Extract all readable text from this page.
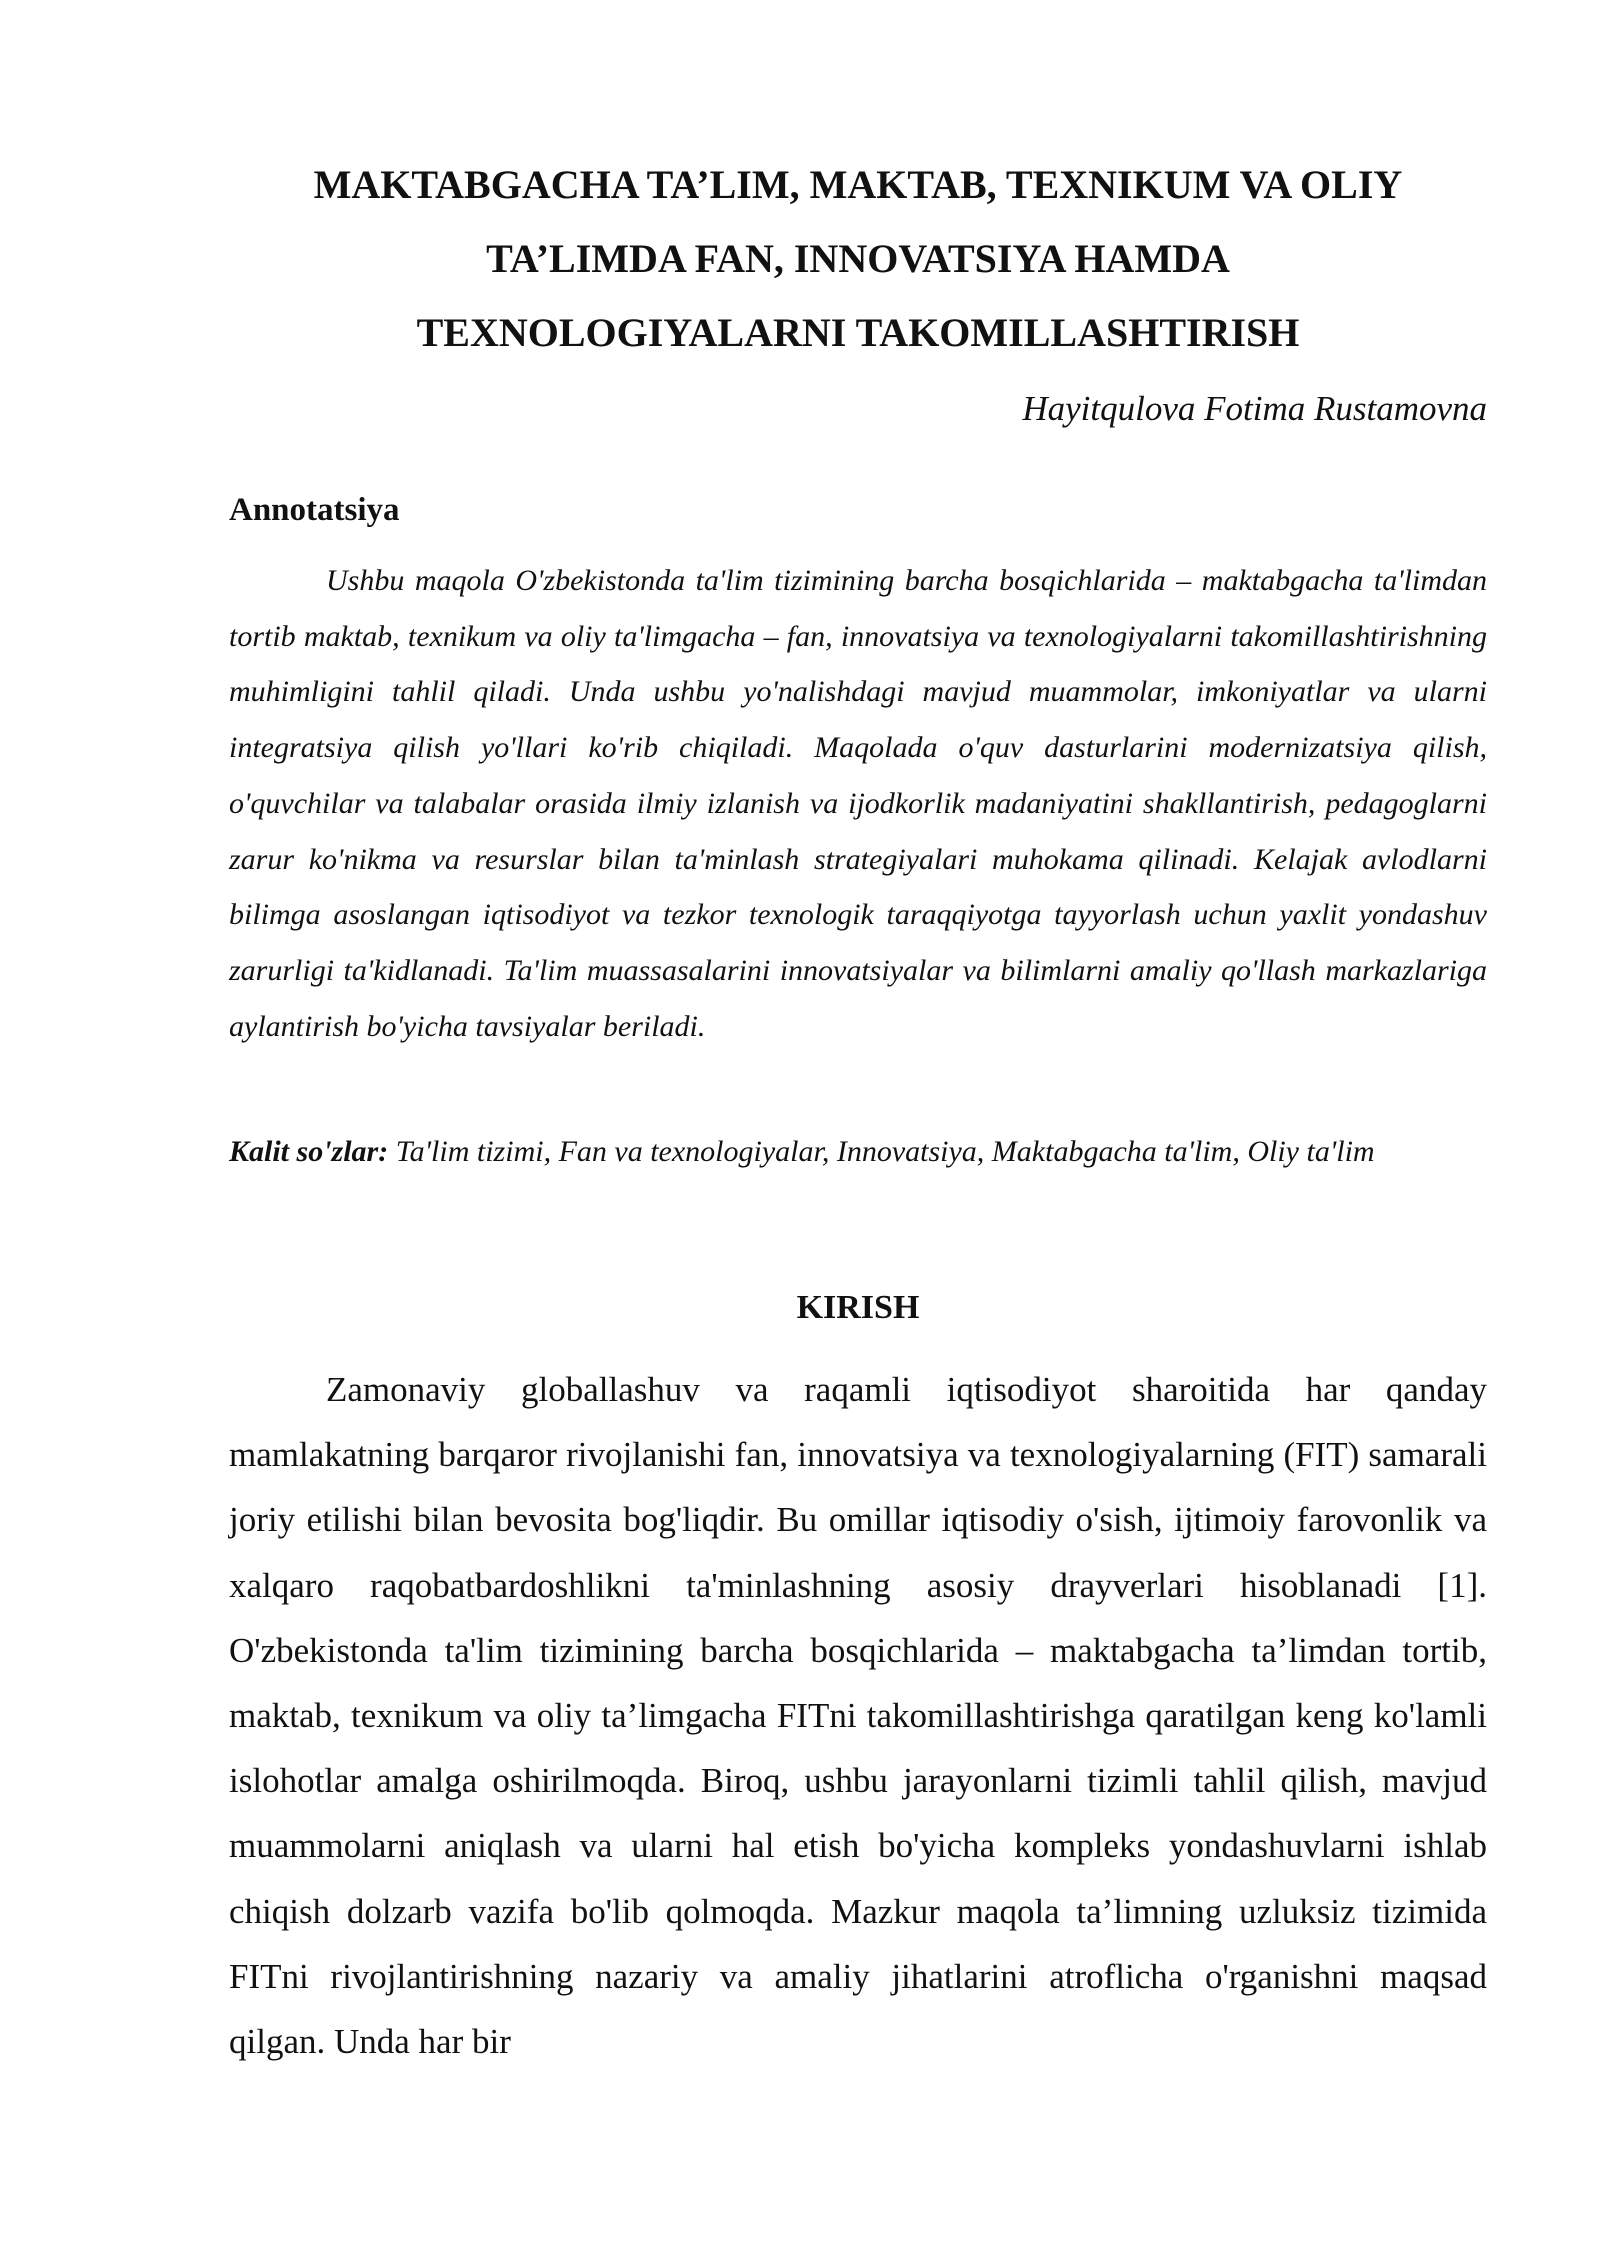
MAKTABGACHA TA’LIM, MAKTAB, TEXNIKUM VA OLIY
TA’LIMDA FAN, INNOVATSIYA HAMDA
TEXNOLOGIYALARNI TAKOMILLASHTIRISH
Hayitqulova Fotima Rustamovna
Annotatsiya

Ushbu maqola O'zbekistonda ta'lim tizimining barcha bosqichlarida – maktabgacha ta'limdan tortib maktab, texnikum va oliy ta'limgacha – fan, innovatsiya va texnologiyalarni takomillashtirishning muhimligini tahlil qiladi. Unda ushbu yo'nalishdagi mavjud muammolar, imkoniyatlar va ularni integratsiya qilish yo'llari ko'rib chiqiladi. Maqolada o'quv dasturlarini modernizatsiya qilish, o'quvchilar va talabalar orasida ilmiy izlanish va ijodkorlik madaniyatini shakllantirish, pedagoglarni zarur ko'nikma va resurslar bilan ta'minlash strategiyalari muhokama qilinadi. Kelajak avlodlarni bilimga asoslangan iqtisodiyot va tezkor texnologik taraqqiyotga tayyorlash uchun yaxlit yondashuv zarurligi ta'kidlanadi. Ta'lim muassasalarini innovatsiyalar va bilimlarni amaliy qo'llash markazlariga aylantirish bo'yicha tavsiyalar beriladi.

Kalit so'zlar: Ta'lim tizimi, Fan va texnologiyalar, Innovatsiya, Maktabgacha ta'lim, Oliy ta'lim
KIRISH

Zamonaviy globallashuv va raqamli iqtisodiyot sharoitida har qanday mamlakatning barqaror rivojlanishi fan, innovatsiya va texnologiyalarning (FIT) samarali joriy etilishi bilan bevosita bog'liqdir. Bu omillar iqtisodiy o'sish, ijtimoiy farovonlik va xalqaro raqobatbardoshlikni ta'minlashning asosiy drayverlari hisoblanadi [1]. O'zbekistonda ta'lim tizimining barcha bosqichlarida – maktabgacha ta’limdan tortib, maktab, texnikum va oliy ta’limgacha FITni takomillashtirishga qaratilgan keng ko'lamli islohotlar amalga oshirilmoqda. Biroq, ushbu jarayonlarni tizimli tahlil qilish, mavjud muammolarni aniqlash va ularni hal etish bo'yicha kompleks yondashuvlarni ishlab chiqish dolzarb vazifa bo'lib qolmoqda. Mazkur maqola ta’limning uzluksiz tizimida FITni rivojlantirishning nazariy va amaliy jihatlarini atroflicha o'rganishni maqsad qilgan. Unda har bir
